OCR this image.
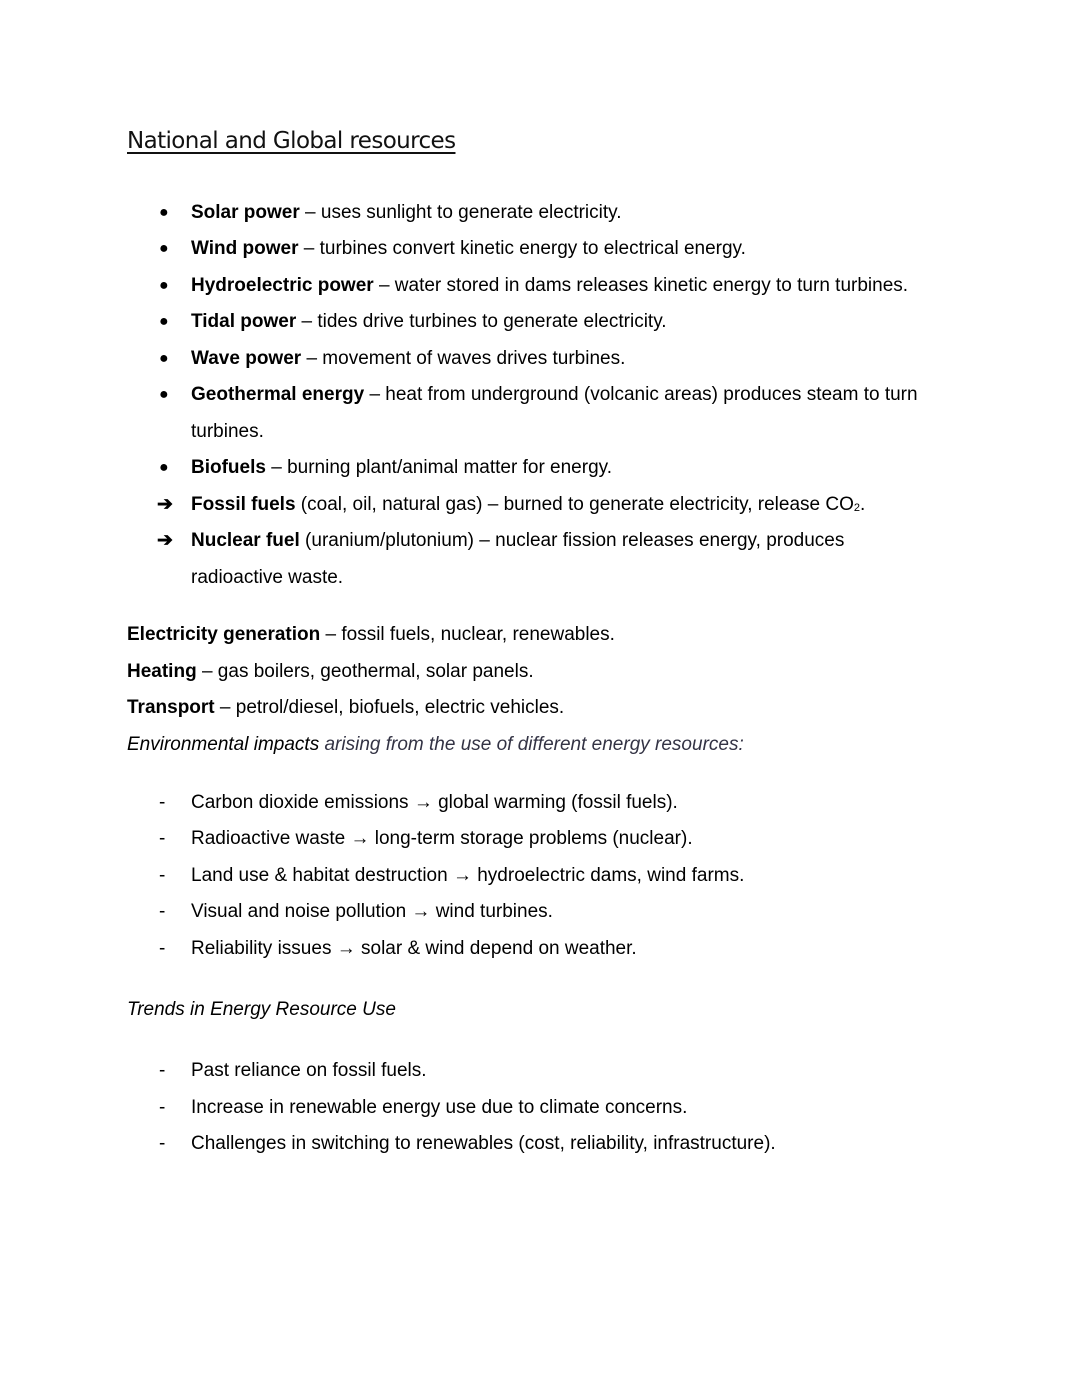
National and Global resources
●	Solar power – uses sunlight to generate electricity.
●	Wind power – turbines convert kinetic energy to electrical energy.
●	Hydroelectric power – water stored in dams releases kinetic energy to turn turbines.
●	Tidal power – tides drive turbines to generate electricity.
●	Wave power – movement of waves drives turbines.
●	Geothermal energy – heat from underground (volcanic areas) produces steam to turn
turbines.
●	Biofuels – burning plant/animal matter for energy.
➔ Fossil fuels (coal, oil, natural gas) – burned to generate electricity, release $CO_2$.
➔ Nuclear fuel (uranium/plutonium) – nuclear fission releases energy, produces
radioactive waste.
Electricity generation – fossil fuels, nuclear, renewables.
Heating – gas boilers, geothermal, solar panels.
Transport – petrol/diesel, biofuels, electric vehicles.
Environmental impacts arising from the use of different energy resources:
-	Carbon dioxide emissions → global warming (fossil fuels).
-	Radioactive waste → long-term storage problems (nuclear).
-	Land use & habitat destruction → hydroelectric dams, wind farms.
-	Visual and noise pollution → wind turbines.
-	Reliability issues → solar & wind depend on weather.
Trends in Energy Resource Use
-	Past reliance on fossil fuels.
-	Increase in renewable energy use due to climate concerns.
-	Challenges in switching to renewables (cost, reliability, infrastructure).
